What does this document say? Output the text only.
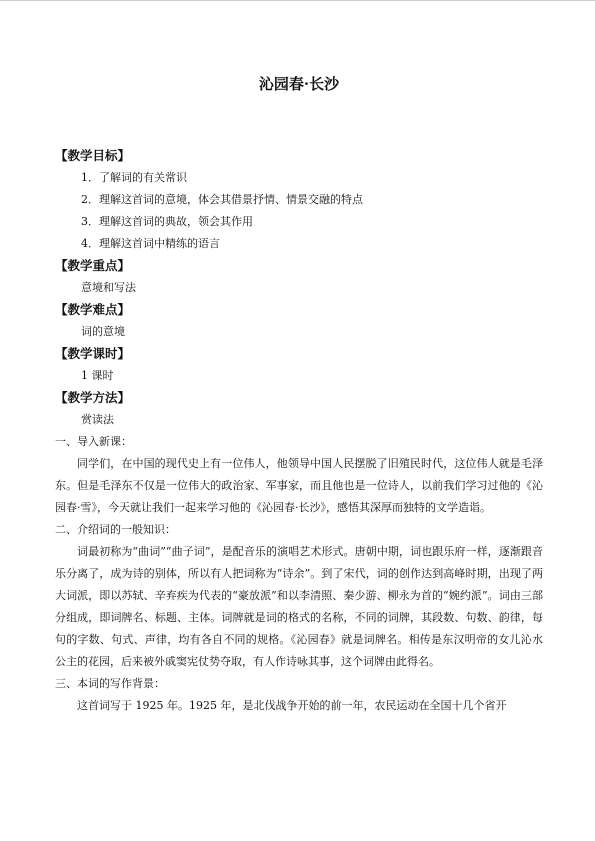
沁园春·长沙
【教学目标】
1．了解词的有关常识
2．理解这首词的意境，体会其借景抒情、情景交融的特点
3．理解这首词的典故，领会其作用
4．理解这首词中精练的语言
【教学重点】
意境和写法
【教学难点】
词的意境
【教学课时】
1 课时
【教学方法】
赏读法
一、导入新课：

同学们，在中国的现代史上有一位伟人，他领导中国人民摆脱了旧殖民时代，这位伟人就是毛泽东。但是毛泽东不仅是一位伟大的政治家、军事家，而且他也是一位诗人，以前我们学习过他的《沁园春·雪》，今天就让我们一起来学习他的《沁园春·长沙》，感悟其深厚而独特的文学造诣。

二、介绍词的一般知识：

词最初称为“曲词”“曲子词”，是配音乐的演唱艺术形式。唐朝中期，词也跟乐府一样，逐渐跟音乐分离了，成为诗的别体，所以有人把词称为“诗余”。到了宋代，词的创作达到高峰时期，出现了两大词派，即以苏轼、辛弃疾为代表的“豪放派”和以李清照、秦少游、柳永为首的“婉约派”。词由三部分组成，即词牌名、标题、主体。词牌就是词的格式的名称，不同的词牌，其段数、句数、韵律，每句的字数、句式、声律，均有各自不同的规格。《沁园春》就是词牌名。相传是东汉明帝的女儿沁水公主的花园，后来被外戚窦宪仗势夺取，有人作诗咏其事，这个词牌由此得名。

三、本词的写作背景：

这首词写于 1925 年。1925 年，是北伐战争开始的前一年，农民运动在全国十几个省开
